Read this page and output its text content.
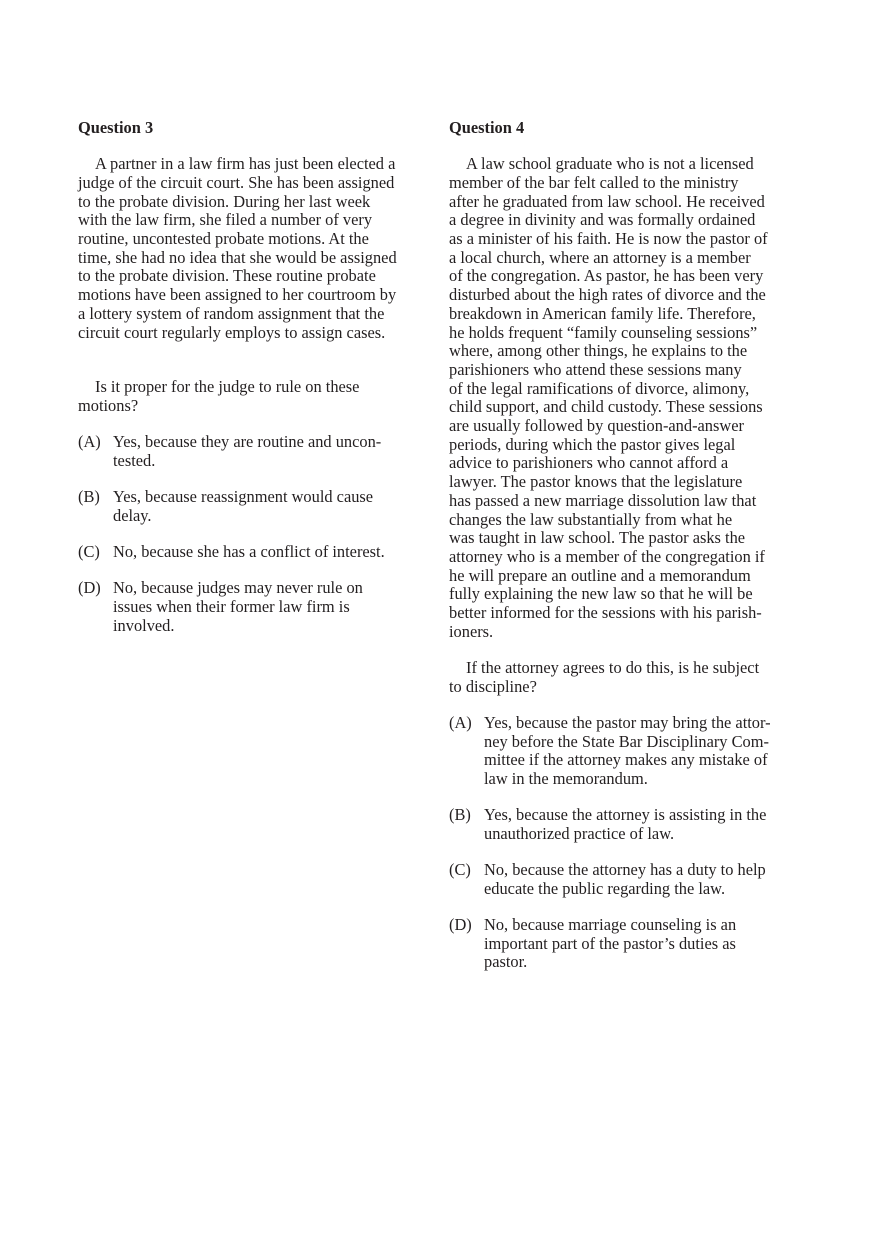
Question 3
A partner in a law firm has just been elected a
judge of the circuit court. She has been assigned
to the probate division. During her last week
with the law firm, she filed a number of very
routine, uncontested probate motions. At the
time, she had no idea that she would be assigned
to the probate division. These routine probate
motions have been assigned to her courtroom by
a lottery system of random assignment that the
circuit court regularly employs to assign cases.
Is it proper for the judge to rule on these
motions?
(A) Yes, because they are routine and uncon-
tested.
(B) Yes, because reassignment would cause
delay.
(C) No, because she has a conflict of interest.
(D) No, because judges may never rule on
issues when their former law firm is
involved.
Question 4
A law school graduate who is not a licensed
member of the bar felt called to the ministry
after he graduated from law school. He received
a degree in divinity and was formally ordained
as a minister of his faith. He is now the pastor of
a local church, where an attorney is a member
of the congregation. As pastor, he has been very
disturbed about the high rates of divorce and the
breakdown in American family life. Therefore,
he holds frequent “family counseling sessions”
where, among other things, he explains to the
parishioners who attend these sessions many
of the legal ramifications of divorce, alimony,
child support, and child custody. These sessions
are usually followed by question-and-answer
periods, during which the pastor gives legal
advice to parishioners who cannot afford a
lawyer. The pastor knows that the legislature
has passed a new marriage dissolution law that
changes the law substantially from what he
was taught in law school. The pastor asks the
attorney who is a member of the congregation if
he will prepare an outline and a memorandum
fully explaining the new law so that he will be
better informed for the sessions with his parish-
ioners.
If the attorney agrees to do this, is he subject
to discipline?
(A) Yes, because the pastor may bring the attor-
ney before the State Bar Disciplinary Com-
mittee if the attorney makes any mistake of
law in the memorandum.
(B) Yes, because the attorney is assisting in the
unauthorized practice of law.
(C) No, because the attorney has a duty to help
educate the public regarding the law.
(D) No, because marriage counseling is an
important part of the pastor’s duties as
pastor.
